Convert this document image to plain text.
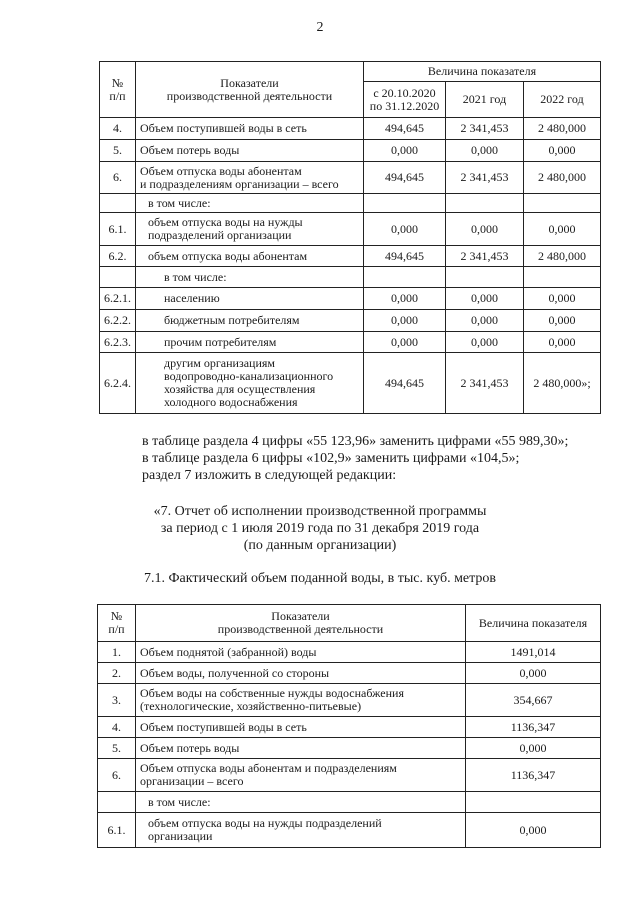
2
№
п/п	Показатели
производственной деятельности	Величина показателя		
		с 20.10.2020
по 31.12.2020	2021 год	2022 год
4.	Объем поступившей воды в сеть	494,645	2 341,453	2 480,000
5.	Объем потерь воды	0,000	0,000	0,000
6.	Объем отпуска воды абонентам
и подразделениям организации – всего	494,645	2 341,453	2 480,000
	в том числе:			
6.1.	объем отпуска воды на нужды
подразделений организации	0,000	0,000	0,000
6.2.	объем отпуска воды абонентам	494,645	2 341,453	2 480,000
	в том числе:			
6.2.1.	населению	0,000	0,000	0,000
6.2.2.	бюджетным потребителям	0,000	0,000	0,000
6.2.3.	прочим потребителям	0,000	0,000	0,000
6.2.4.	другим организациям
водопроводно-канализационного
хозяйства для осуществления
холодного водоснабжения	494,645	2 341,453	2 480,000»;
в таблице раздела 4 цифры «55 123,96» заменить цифрами «55 989,30»;
в таблице раздела 6 цифры «102,9» заменить цифрами «104,5»;
раздел 7 изложить в следующей редакции:
«7. Отчет об исполнении производственной программы
за период с 1 июля 2019 года по 31 декабря 2019 года
(по данным организации)
7.1. Фактический объем поданной воды, в тыс. куб. метров
№
п/п	Показатели
производственной деятельности	Величина показателя
1.	Объем поднятой (забранной) воды	1491,014
2.	Объем воды, полученной со стороны	0,000
3.	Объем воды на собственные нужды водоснабжения
(технологические, хозяйственно-питьевые)	354,667
4.	Объем поступившей воды в сеть	1136,347
5.	Объем потерь воды	0,000
6.	Объем отпуска воды абонентам и подразделениям
организации – всего	1136,347
	в том числе:	
6.1.	объем отпуска воды на нужды подразделений
организации	0,000
